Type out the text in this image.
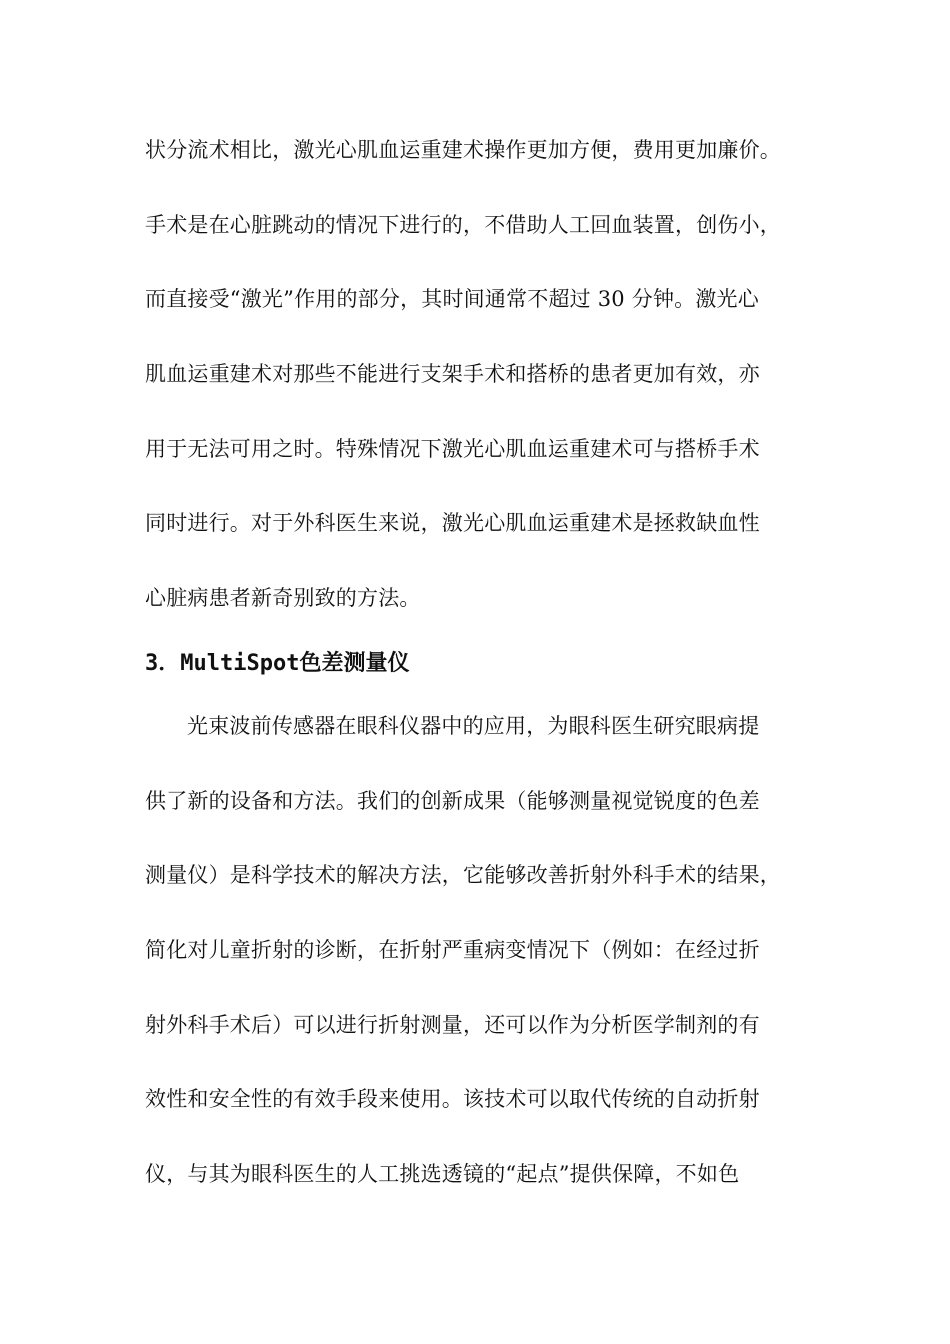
状分流术相比，激光心肌血运重建术操作更加方便，费用更加廉价。
手术是在心脏跳动的情况下进行的，不借助人工回血装置，创伤小，
而直接受“激光”作用的部分，其时间通常不超过 30 分钟。激光心
肌血运重建术对那些不能进行支架手术和搭桥的患者更加有效，亦
用于无法可用之时。特殊情况下激光心肌血运重建术可与搭桥手术
同时进行。对于外科医生来说，激光心肌血运重建术是拯救缺血性
心脏病患者新奇别致的方法。
3．MultiSpot色差测量仪
光束波前传感器在眼科仪器中的应用，为眼科医生研究眼病提
供了新的设备和方法。我们的创新成果（能够测量视觉锐度的色差
测量仪）是科学技术的解决方法，它能够改善折射外科手术的结果，
简化对儿童折射的诊断，在折射严重病变情况下（例如：在经过折
射外科手术后）可以进行折射测量，还可以作为分析医学制剂的有
效性和安全性的有效手段来使用。该技术可以取代传统的自动折射
仪，与其为眼科医生的人工挑选透镜的“起点”提供保障，不如色
